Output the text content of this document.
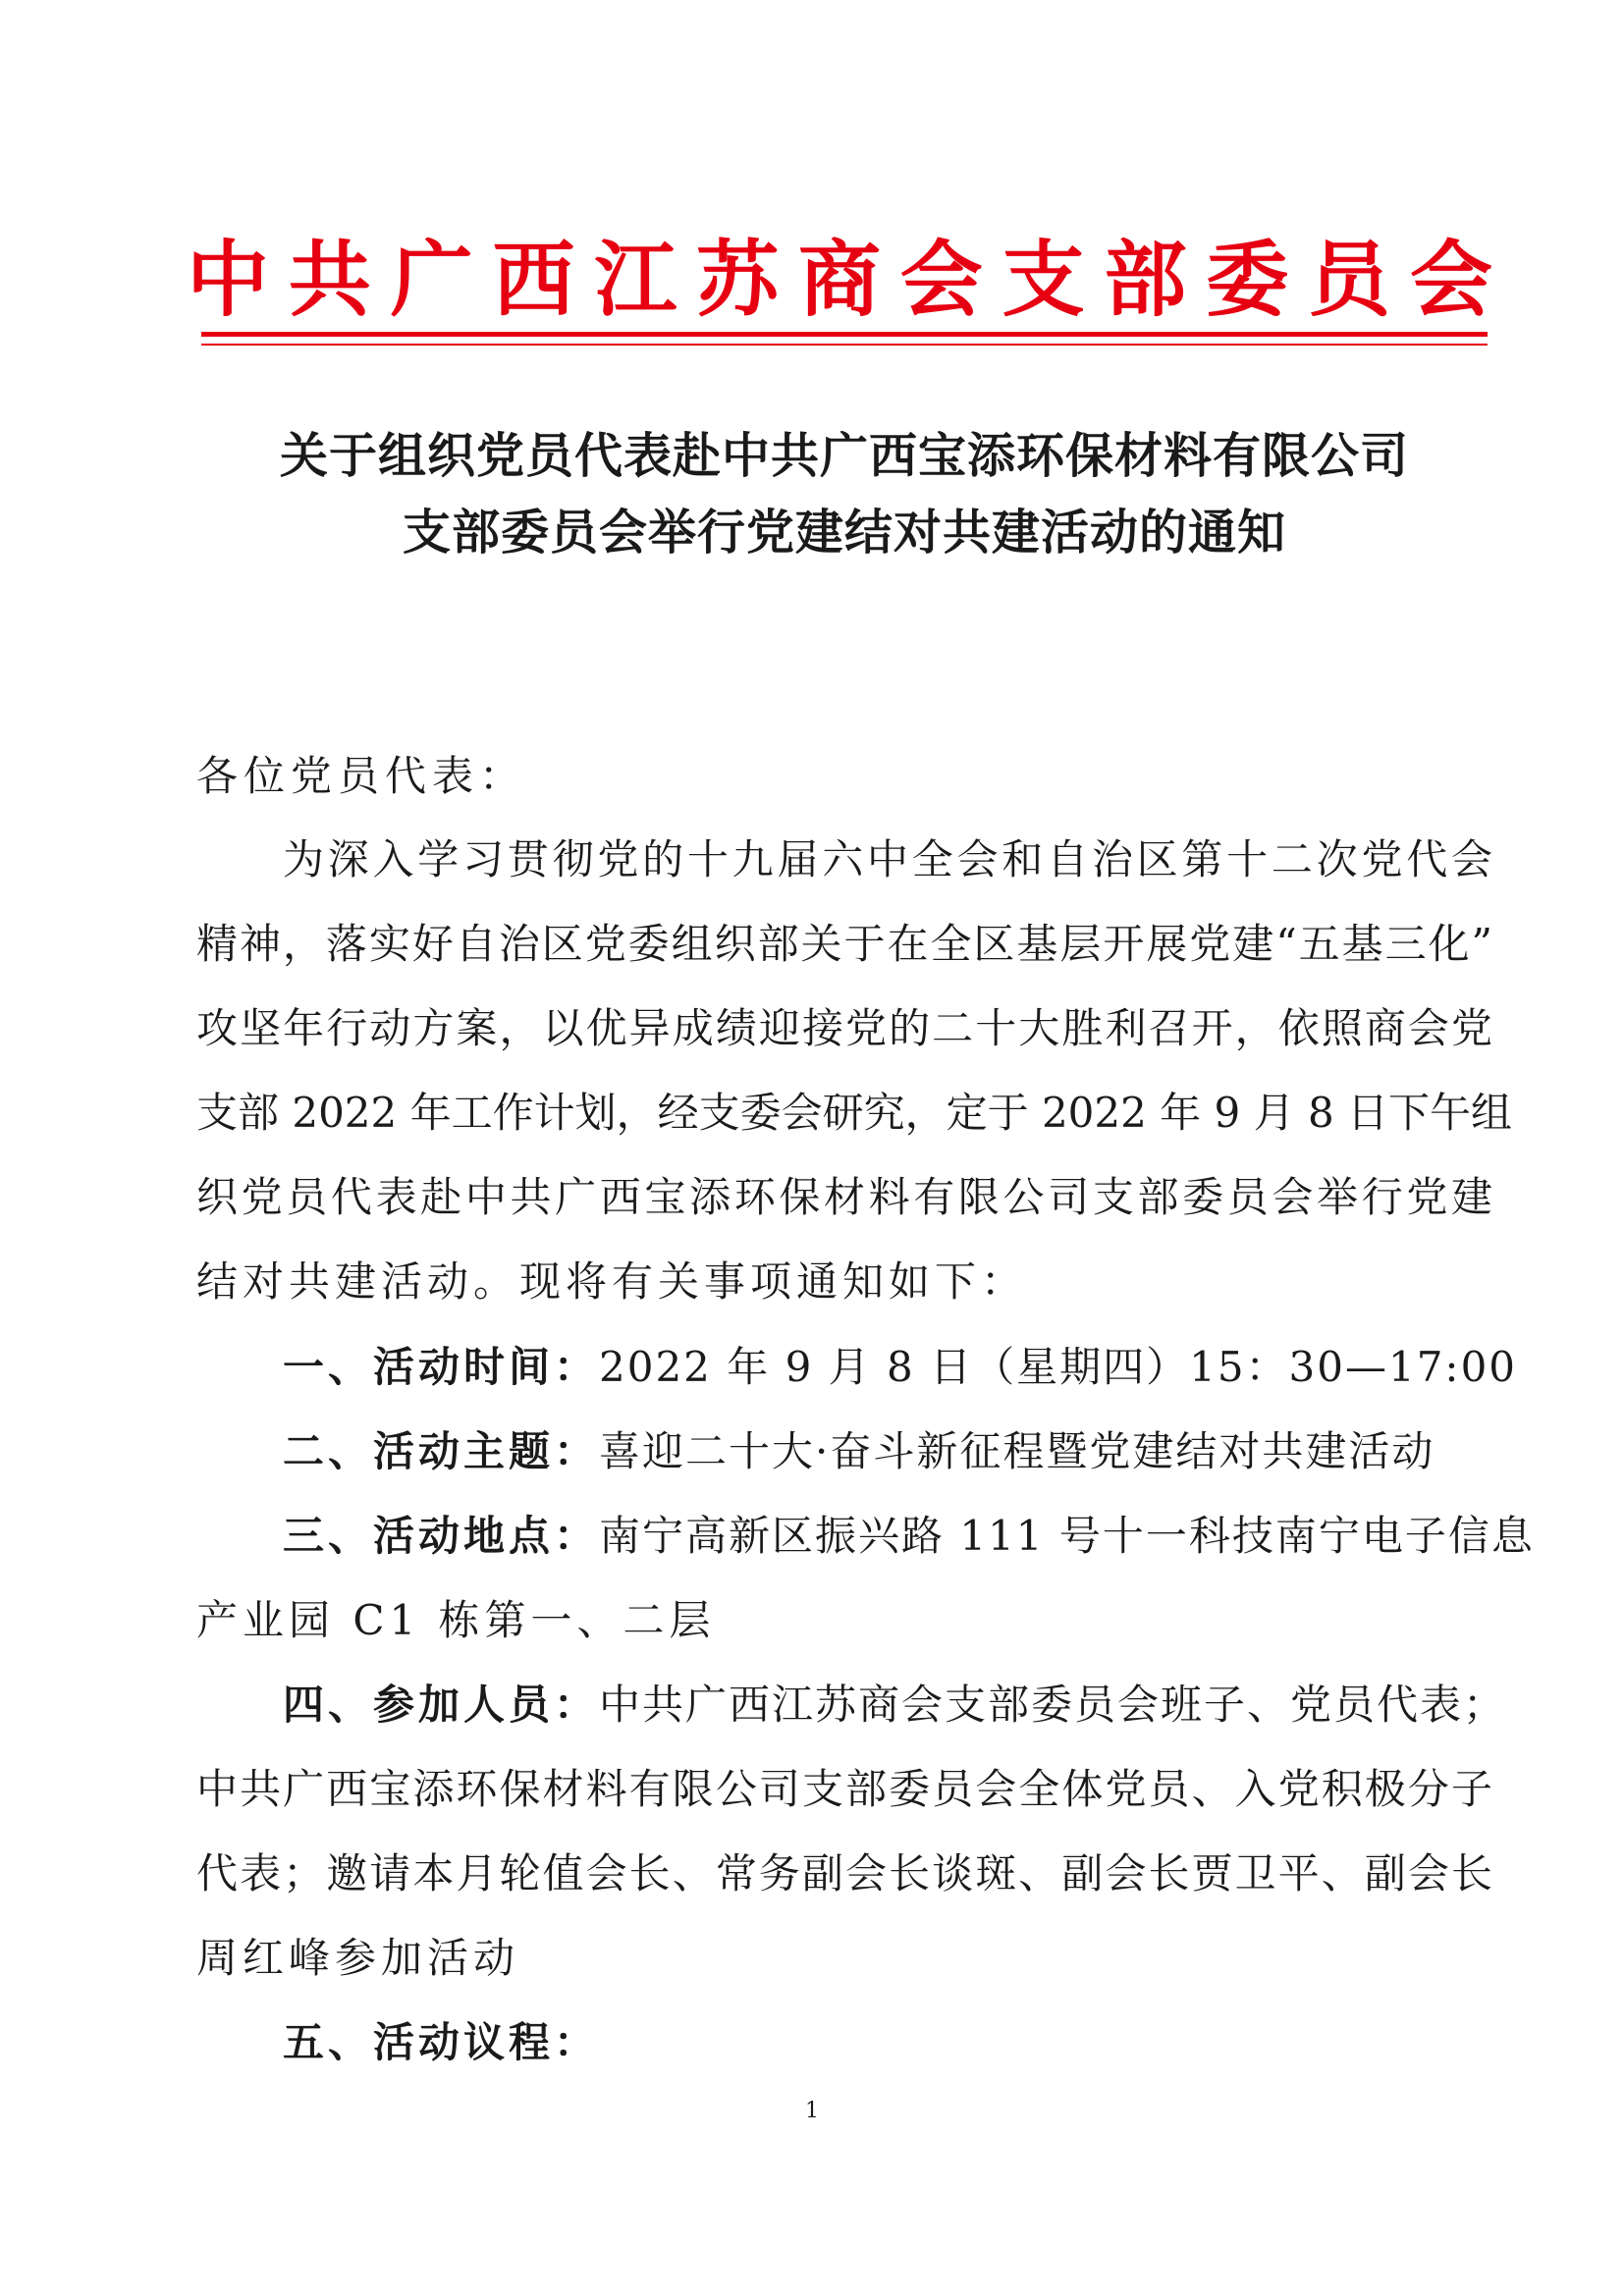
中 共 广 西 江 苏 商 会 支 部 委 员 会
关于组织党员代表赴中共广西宝添环保材料有限公司
支部委员会举行党建结对共建活动的通知
各位党员代表：
为深入学习贯彻党的十九届六中全会和自治区第十二次党代会
精神，落实好自治区党委组织部关于在全区基层开展党建“五基三化”
攻坚年行动方案，以优异成绩迎接党的二十大胜利召开，依照商会党
支部 2022 年工作计划，经支委会研究，定于 2022 年 9 月 8 日下午组
织党员代表赴中共广西宝添环保材料有限公司支部委员会举行党建
结对共建活动。现将有关事项通知如下：
一、活动时间：2022 年 9 月 8 日（星期四）15：30—17:00
二、活动主题：喜迎二十大·奋斗新征程暨党建结对共建活动
三、活动地点：南宁高新区振兴路 111 号十一科技南宁电子信息
产业园 C1 栋第一、二层
四、参加人员：中共广西江苏商会支部委员会班子、党员代表；
中共广西宝添环保材料有限公司支部委员会全体党员、入党积极分子
代表；邀请本月轮值会长、常务副会长谈斑、副会长贾卫平、副会长
周红峰参加活动
五、活动议程：
1
